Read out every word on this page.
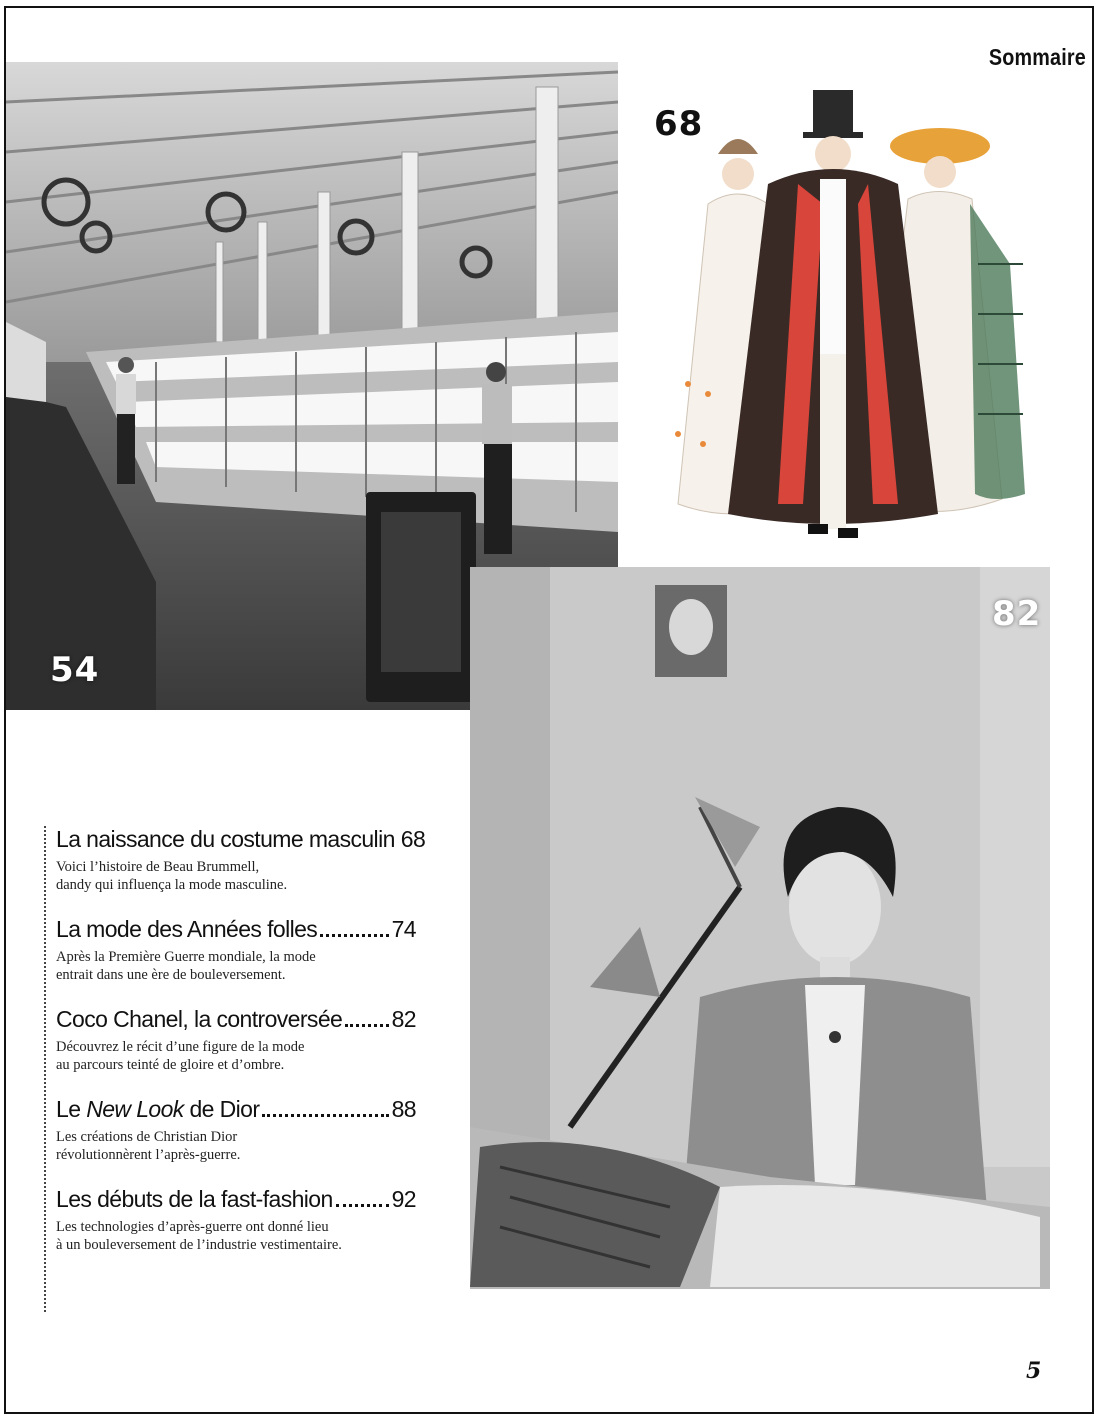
Sommaire
54
68
82
La naissance du costume masculin 68
Voici l’histoire de Beau Brummell,
dandy qui influença la mode masculine.
La mode des Années folles	74
Après la Première Guerre mondiale, la mode
entrait dans une ère de bouleversement.
Coco Chanel, la controversée 82
Découvrez le récit d’une figure de la mode
au parcours teinté de gloire et d’ombre.
Le New Look de Dior	88
Les créations de Christian Dior
révolutionnèrent l’après-guerre.
Les débuts de la fast-fashion	92
Les technologies d’après-guerre ont donné lieu
à un bouleversement de l’industrie vestimentaire.
5
